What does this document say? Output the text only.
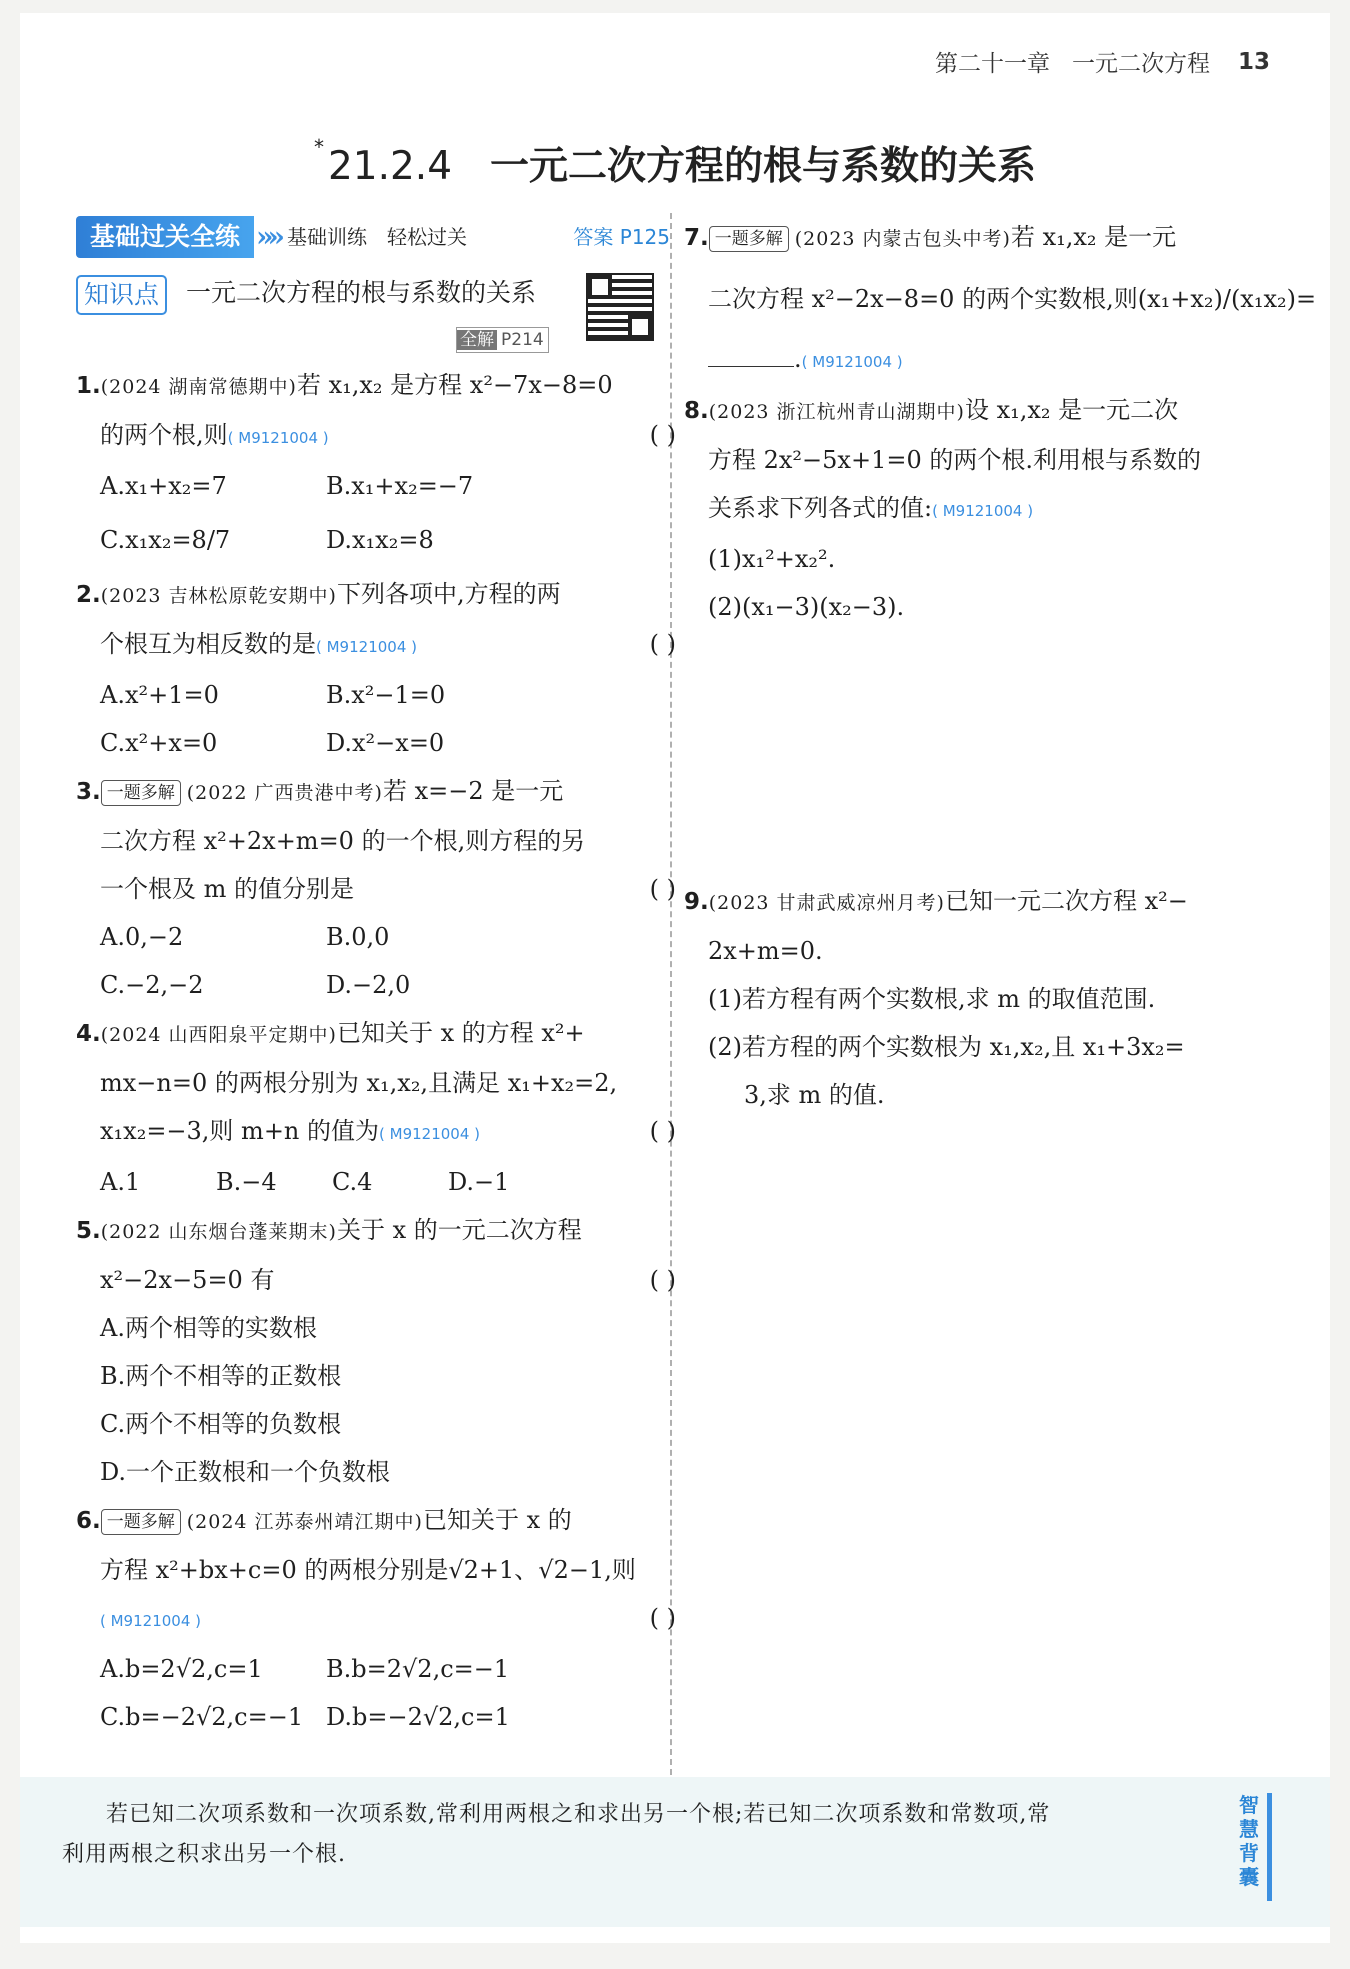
第二十一章 一元二次方程 13
* 21.2.4 一元二次方程的根与系数的关系
基础过关全练 »» 基础训练 轻松过关	答案 P125
知识点	一元二次方程的根与系数的关系
全解 P214
1.(2024 湖南常德期中)若 x₁,x₂ 是方程 x²−7x−8=0
的两个根,则( M9121004 )	( )
A.x₁+x₂=7	B.x₁+x₂=−7
C.x₁x₂=8/7	D.x₁x₂=8
2.(2023 吉林松原乾安期中)下列各项中,方程的两
个根互为相反数的是( M9121004 )	( )
A.x²+1=0	B.x²−1=0
C.x²+x=0	D.x²−x=0
3. 一题多解 (2022 广西贵港中考)若 x=−2 是一元
二次方程 x²+2x+m=0 的一个根,则方程的另
一个根及 m 的值分别是	( )
A.0,−2	B.0,0
C.−2,−2	D.−2,0
4.(2024 山西阳泉平定期中)已知关于 x 的方程 x²+
mx−n=0 的两根分别为 x₁,x₂,且满足 x₁+x₂=2,
x₁x₂=−3,则 m+n 的值为( M9121004 )	( )
A.1	B.−4	C.4	D.−1
5.(2022 山东烟台蓬莱期末)关于 x 的一元二次方程
x²−2x−5=0 有	( )
A.两个相等的实数根
B.两个不相等的正数根
C.两个不相等的负数根
D.一个正数根和一个负数根
6. 一题多解 (2024 江苏泰州靖江期中)已知关于 x 的
方程 x²+bx+c=0 的两根分别是√2+1、√2−1,则
( M9121004 )	( )
A.b=2√2,c=1	B.b=2√2,c=−1
C.b=−2√2,c=−1 D.b=−2√2,c=1
7. 一题多解 (2023 内蒙古包头中考)若 x₁,x₂ 是一元
二次方程 x²−2x−8=0 的两个实数根,则(x₁+x₂)/(x₁x₂)=
.( M9121004 )
8.(2023 浙江杭州青山湖期中)设 x₁,x₂ 是一元二次
方程 2x²−5x+1=0 的两个根.利用根与系数的
关系求下列各式的值:( M9121004 )
(1)x₁²+x₂².
(2)(x₁−3)(x₂−3).
9.(2023 甘肃武威凉州月考)已知一元二次方程 x²−
2x+m=0.
(1)若方程有两个实数根,求 m 的取值范围.
(2)若方程的两个实数根为 x₁,x₂,且 x₁+3x₂=
3,求 m 的值.
若已知二次项系数和一次项系数,常利用两根之和求出另一个根;若已知二次项系数和常数项,常
利用两根之积求出另一个根.
智慧背囊
